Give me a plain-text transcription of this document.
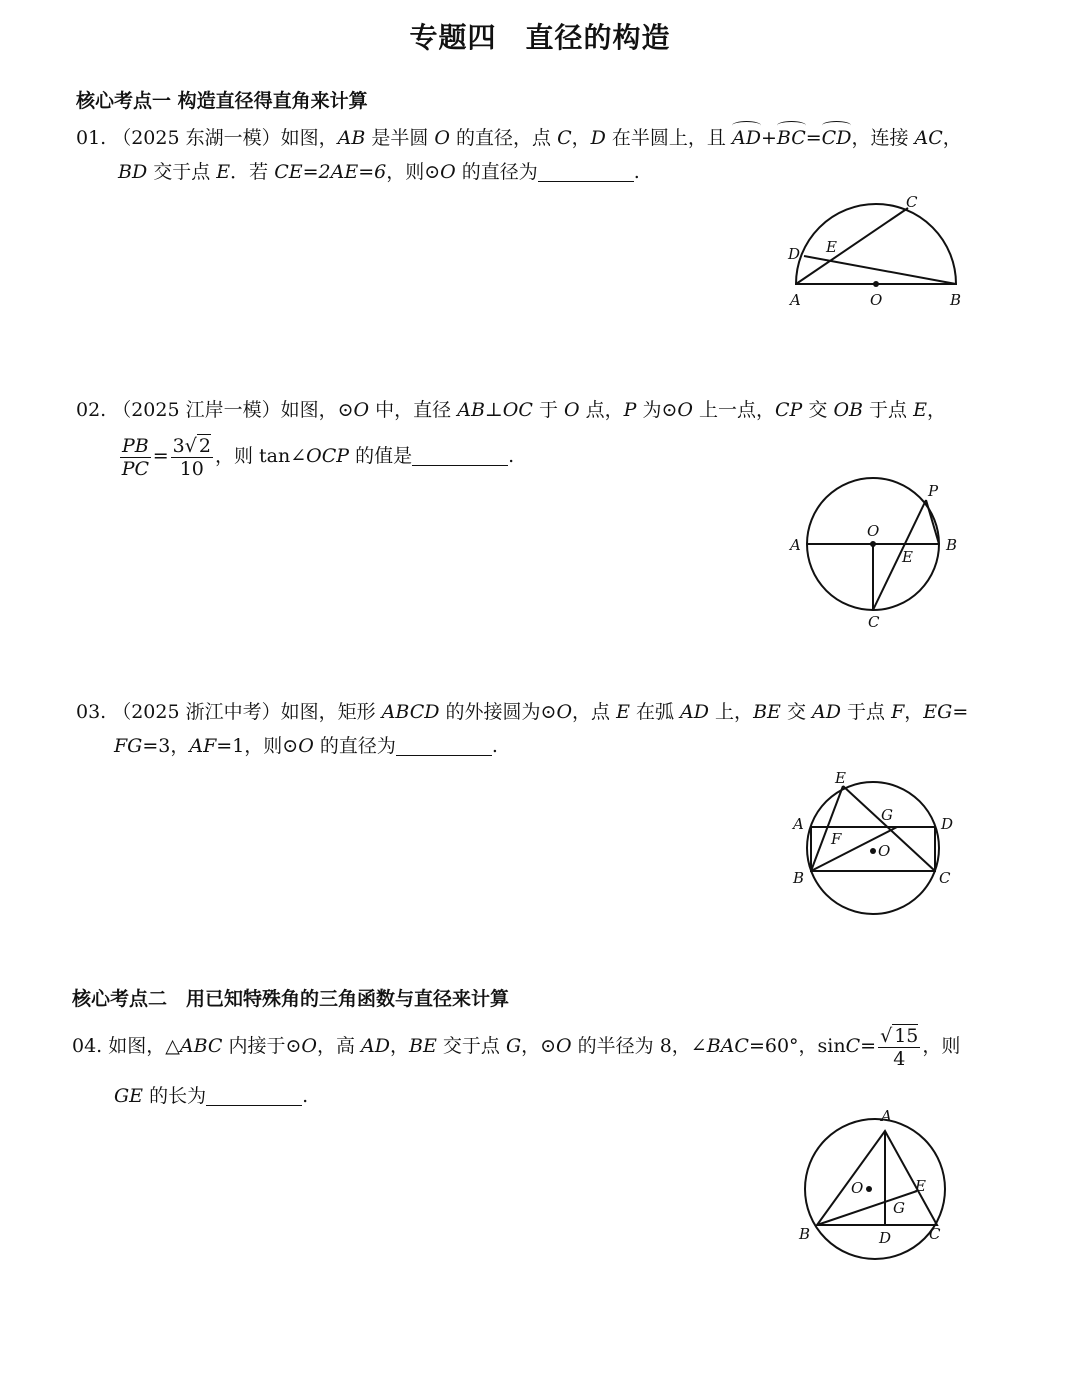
专题四　直径的构造
核心考点一 构造直径得直角来计算
01. （2025 东湖一模）如图，AB 是半圆 O 的直径，点 C，D 在半圆上，且 AD+BC=CD，连接 AC，
BD 交于点 E．若 CE=2AE=6，则⊙O 的直径为	.
A	O	B
C
D E
02. （2025 江岸一模）如图，⊙O 中，直径 AB⊥OC 于 O 点，P 为⊙O 上一点，CP 交 OB 于点 E，
$\frac{PB}{PC} = \frac{3√ 2}{10}$ ，则 tan∠OCP 的值是	.
A
O
B
C
P
E
03. （2025 浙江中考）如图，矩形 ABCD 的外接圆为⊙O，点 E 在弧 AD 上，BE 交 AD 于点 F，EG=
FG=3，AF=1，则⊙O 的直径为	.
E
A	D
B	C
F
G
O
核心考点二　用已知特殊角的三角函数与直径来计算
04. 如图，△ABC 内接于⊙O，高 AD，BE 交于点 G，⊙O 的半径为 8，∠BAC=60°，$\sin C= \frac{√ 15}{4}$ ，则
GE 的长为	.
A
B	C
D
E
G
O
